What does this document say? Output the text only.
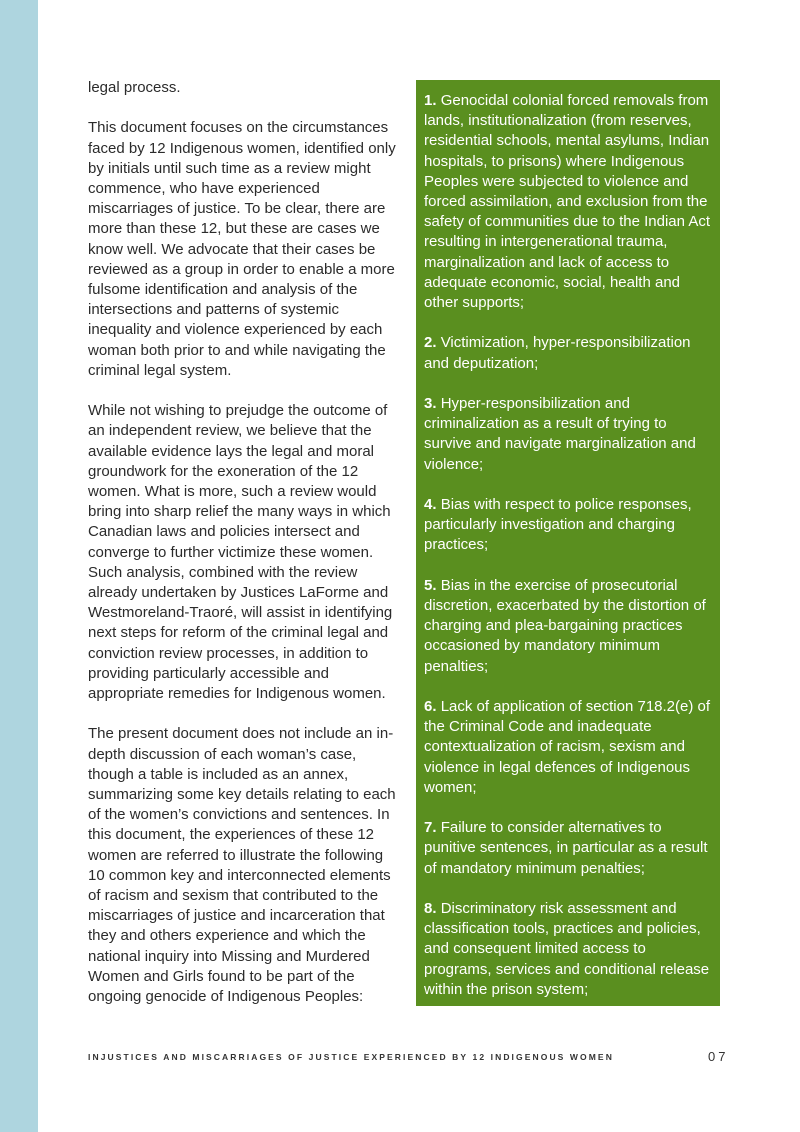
legal process.

This document focuses on the circumstances faced by 12 Indigenous women, identified only by initials until such time as a review might commence, who have experienced miscarriages of justice. To be clear, there are more than these 12, but these are cases we know well. We advocate that their cases be reviewed as a group in order to enable a more fulsome identification and analysis of the intersections and patterns of systemic inequality and violence experienced by each woman both prior to and while navigating the criminal legal system.

While not wishing to prejudge the outcome of an independent review, we believe that the available evidence lays the legal and moral groundwork for the exoneration of the 12 women. What is more, such a review would bring into sharp relief the many ways in which Canadian laws and policies intersect and converge to further victimize these women. Such analysis, combined with the review already undertaken by Justices LaForme and Westmoreland-Traoré, will assist in identifying next steps for reform of the criminal legal and conviction review processes, in addition to providing particularly accessible and appropriate remedies for Indigenous women.

The present document does not include an in-depth discussion of each woman’s case, though a table is included as an annex, summarizing some key details relating to each of the women’s convictions and sentences. In this document, the experiences of these 12 women are referred to illustrate the following 10 common key and interconnected elements of racism and sexism that contributed to the miscarriages of justice and incarceration that they and others experience and which the national inquiry into Missing and Murdered Women and Girls found to be part of the ongoing genocide of Indigenous Peoples:

1. Genocidal colonial forced removals from lands, institutionalization (from reserves, residential schools, mental asylums, Indian hospitals, to prisons) where Indigenous Peoples were subjected to violence and forced assimilation, and exclusion from the safety of communities due to the Indian Act resulting in intergenerational trauma, marginalization and lack of access to adequate economic, social, health and other supports;

2. Victimization, hyper-responsibilization and deputization;

3. Hyper-responsibilization and criminalization as a result of trying to survive and navigate marginalization and violence;

4. Bias with respect to police responses, particularly investigation and charging practices;

5. Bias in the exercise of prosecutorial discretion, exacerbated by the distortion of charging and plea-bargaining practices occasioned by mandatory minimum penalties;

6. Lack of application of section 718.2(e) of the Criminal Code and inadequate contextualization of racism, sexism and violence in legal defences of Indigenous women;

7. Failure to consider alternatives to punitive sentences, in particular as a result of mandatory minimum penalties;

8. Discriminatory risk assessment and classification tools, practices and policies, and consequent limited access to programs, services and conditional release within the prison system;

INJUSTICES AND MISCARRIAGES OF JUSTICE EXPERIENCED BY 12 INDIGENOUS WOMEN	07
